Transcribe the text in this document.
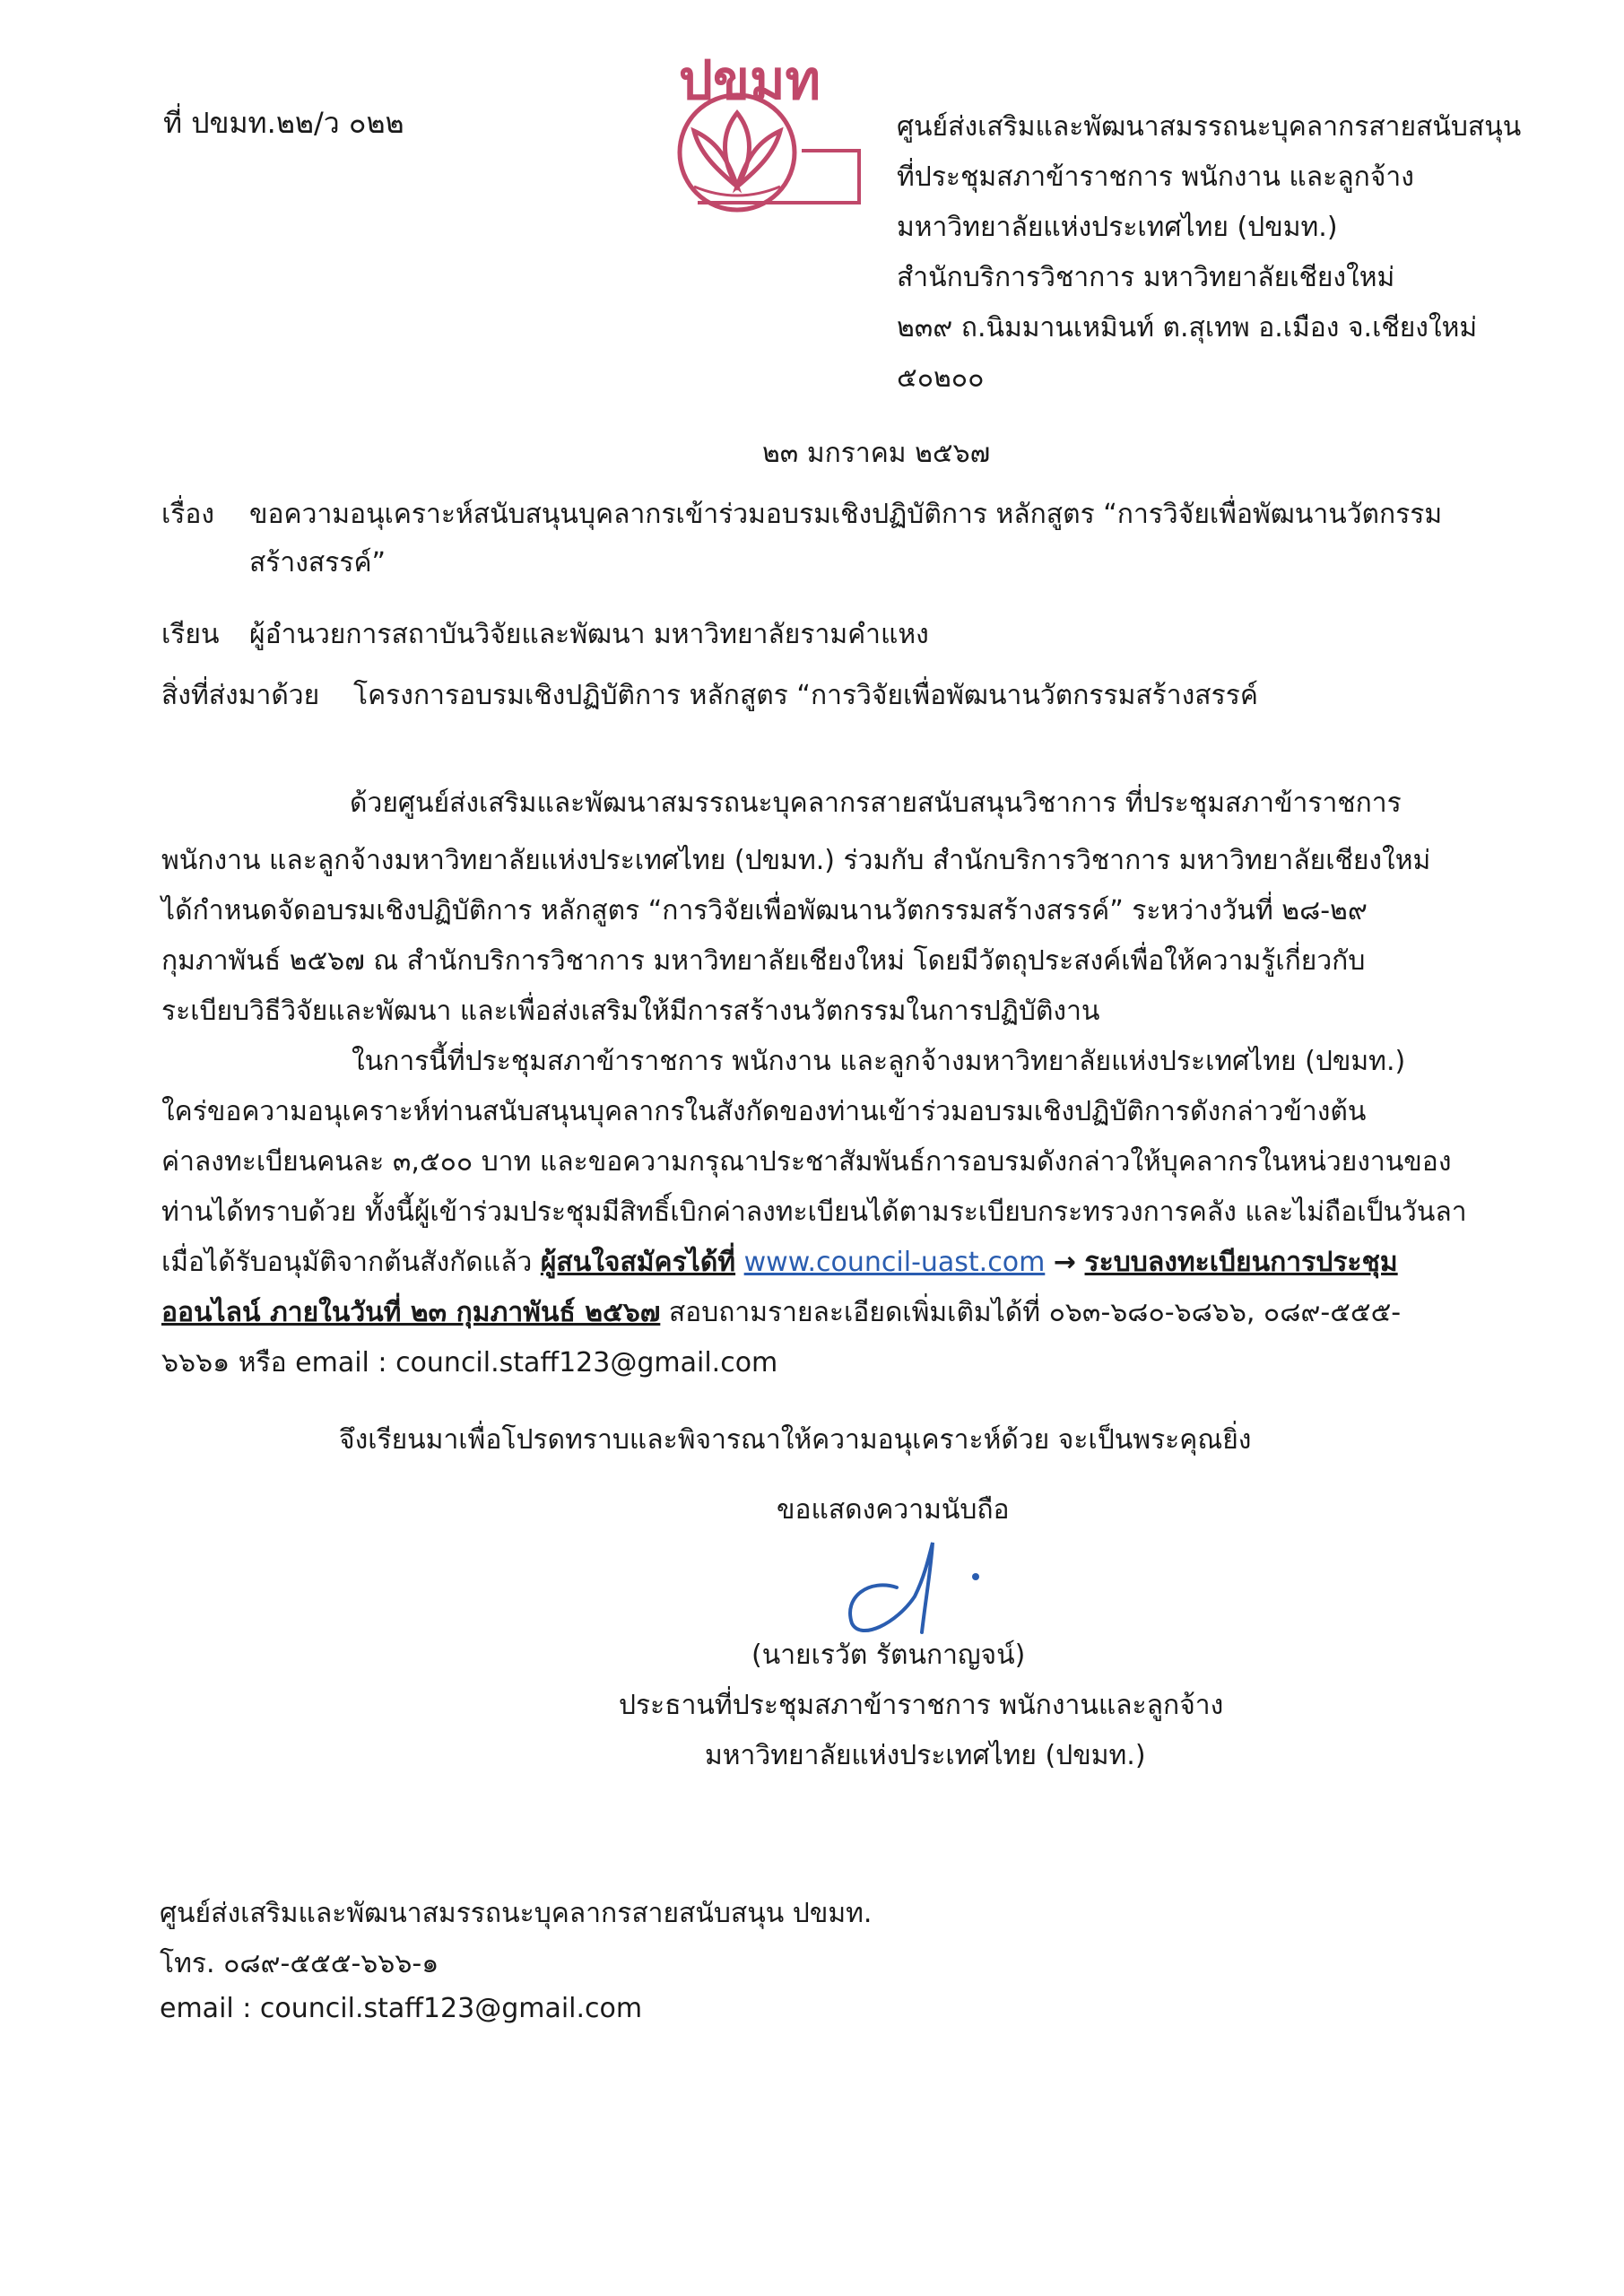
ที่ ปขมท.๒๒/ว ๐๒๒
ปขมท
ศูนย์ส่งเสริมและพัฒนาสมรรถนะบุคลากรสายสนับสนุน
ที่ประชุมสภาข้าราชการ พนักงาน และลูกจ้าง
มหาวิทยาลัยแห่งประเทศไทย (ปขมท.)
สำนักบริการวิชาการ มหาวิทยาลัยเชียงใหม่
๒๓๙ ถ.นิมมานเหมินท์ ต.สุเทพ อ.เมือง จ.เชียงใหม่
๕๐๒๐๐
๒๓ มกราคม ๒๕๖๗
เรื่อง ขอความอนุเคราะห์สนับสนุนบุคลากรเข้าร่วมอบรมเชิงปฏิบัติการ หลักสูตร “การวิจัยเพื่อพัฒนานวัตกรรม
สร้างสรรค์”
เรียน ผู้อำนวยการสถาบันวิจัยและพัฒนา มหาวิทยาลัยรามคำแหง
สิ่งที่ส่งมาด้วย โครงการอบรมเชิงปฏิบัติการ หลักสูตร “การวิจัยเพื่อพัฒนานวัตกรรมสร้างสรรค์
ด้วยศูนย์ส่งเสริมและพัฒนาสมรรถนะบุคลากรสายสนับสนุนวิชาการ ที่ประชุมสภาข้าราชการ
พนักงาน และลูกจ้างมหาวิทยาลัยแห่งประเทศไทย (ปขมท.) ร่วมกับ สำนักบริการวิชาการ มหาวิทยาลัยเชียงใหม่
ได้กำหนดจัดอบรมเชิงปฏิบัติการ หลักสูตร “การวิจัยเพื่อพัฒนานวัตกรรมสร้างสรรค์” ระหว่างวันที่ ๒๘-๒๙
กุมภาพันธ์ ๒๕๖๗ ณ สำนักบริการวิชาการ มหาวิทยาลัยเชียงใหม่ โดยมีวัตถุประสงค์เพื่อให้ความรู้เกี่ยวกับ
ระเบียบวิธีวิจัยและพัฒนา และเพื่อส่งเสริมให้มีการสร้างนวัตกรรมในการปฏิบัติงาน
ในการนี้ที่ประชุมสภาข้าราชการ พนักงาน และลูกจ้างมหาวิทยาลัยแห่งประเทศไทย (ปขมท.)
ใคร่ขอความอนุเคราะห์ท่านสนับสนุนบุคลากรในสังกัดของท่านเข้าร่วมอบรมเชิงปฏิบัติการดังกล่าวข้างต้น
ค่าลงทะเบียนคนละ ๓,๕๐๐ บาท และขอความกรุณาประชาสัมพันธ์การอบรมดังกล่าวให้บุคลากรในหน่วยงานของ
ท่านได้ทราบด้วย ทั้งนี้ผู้เข้าร่วมประชุมมีสิทธิ์เบิกค่าลงทะเบียนได้ตามระเบียบกระทรวงการคลัง และไม่ถือเป็นวันลา
เมื่อได้รับอนุมัติจากต้นสังกัดแล้ว ผู้สนใจสมัครได้ที่ www.council-uast.com → ระบบลงทะเบียนการประชุม
ออนไลน์ ภายในวันที่ ๒๓ กุมภาพันธ์ ๒๕๖๗ สอบถามรายละเอียดเพิ่มเติมได้ที่ ๐๖๓-๖๘๐-๖๘๖๖, ๐๘๙-๕๕๕-
๖๖๖๑ หรือ email : council.staff123@gmail.com
จึงเรียนมาเพื่อโปรดทราบและพิจารณาให้ความอนุเคราะห์ด้วย จะเป็นพระคุณยิ่ง
ขอแสดงความนับถือ
(นายเรวัต รัตนกาญจน์)
ประธานที่ประชุมสภาข้าราชการ พนักงานและลูกจ้าง
มหาวิทยาลัยแห่งประเทศไทย (ปขมท.)
ศูนย์ส่งเสริมและพัฒนาสมรรถนะบุคลากรสายสนับสนุน ปขมท.
โทร. ๐๘๙-๕๕๕-๖๖๖-๑
email : council.staff123@gmail.com
